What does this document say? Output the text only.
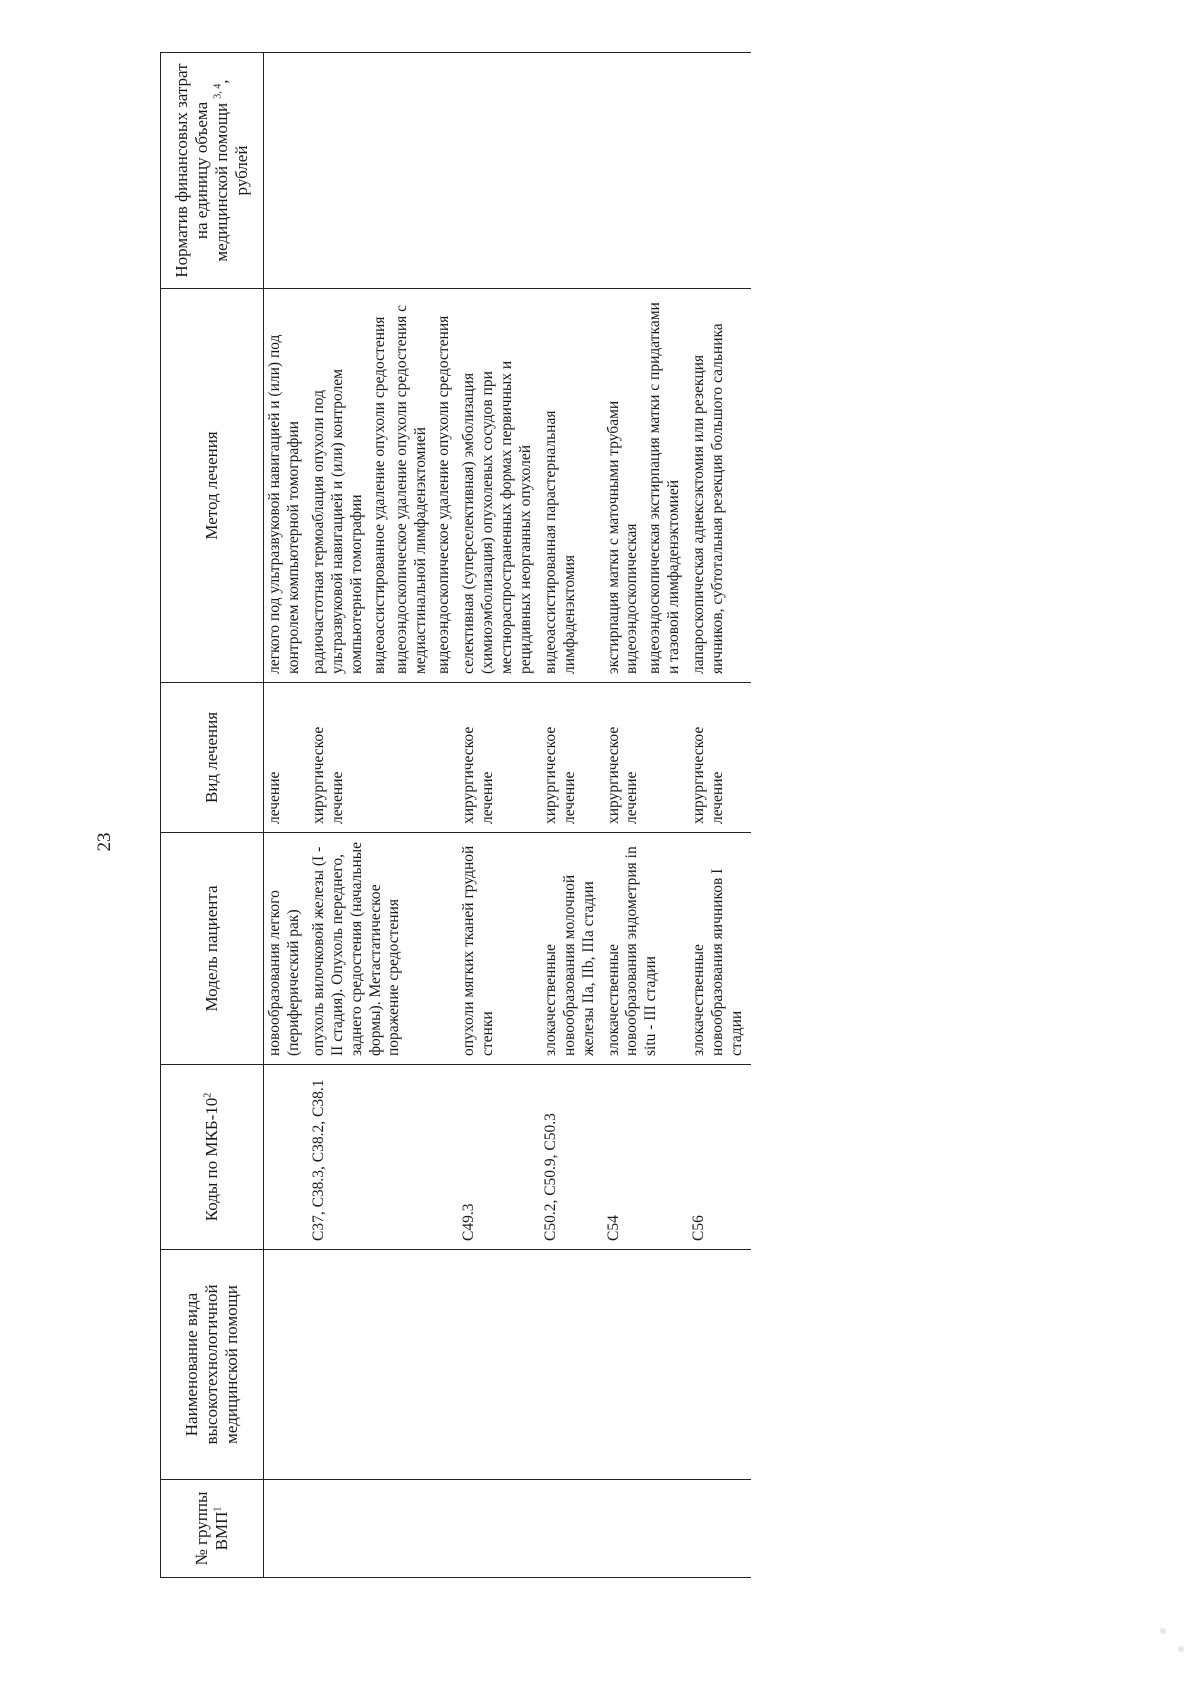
23
№ группы ВМП$^1$	Наименование вида высокотехнологичной медицинской помощи	Коды по МКБ-$10^2$	Модель пациента	Вид лечения	Метод лечения	Норматив финансовых затрат на единицу объема медицинской помощи $^{3, 4}$, рублей
			новообразования легкого (периферический рак)	лечение	легкого под ультразвуковой навигацией и (или) под контролем компьютерной томографии	

		C37, C38.3, C38.2, C38.1	опухоль вилочковой железы (I - II стадия). Опухоль переднего, заднего средостения (начальные формы). Метастатическое поражение средостения	хирургическое лечение	радиочастотная термоаблация опухоли под ультразвуковой навигацией и (или) контролем компьютерной томографии видеоассистированное удаление опухоли средостения видеоэндоскопическое удаление опухоли средостения с медиастинальной лимфаденэктомией видеоэндоскопическое удаление опухоли средостения	

		C49.3	опухоли мягких тканей грудной стенки	хирургическое лечение	селективная (суперселективная) эмболизация (химиоэмболизация) опухолевых сосудов при местнораспространенных формах первичных и рецидивных неорганных опухолей	

		C50.2, C50.9, C50.3	злокачественные новообразования молочной железы IIa, IIb, IIIa стадии	хирургическое лечение	видеоассистированная парастернальная лимфаденэктомия	

		C54	злокачественные новообразования эндометрия in situ - III стадии	хирургическое лечение	экстирпация матки с маточными трубами видеоэндоскопическая видеоэндоскопическая экстирпация матки с придатками и тазовой лимфаденэктомией	

		C56	злокачественные новообразования яичников I стадии	хирургическое лечение	лапароскопическая аднексэктомия или резекция яичников, субтотальная резекция большого сальника	
